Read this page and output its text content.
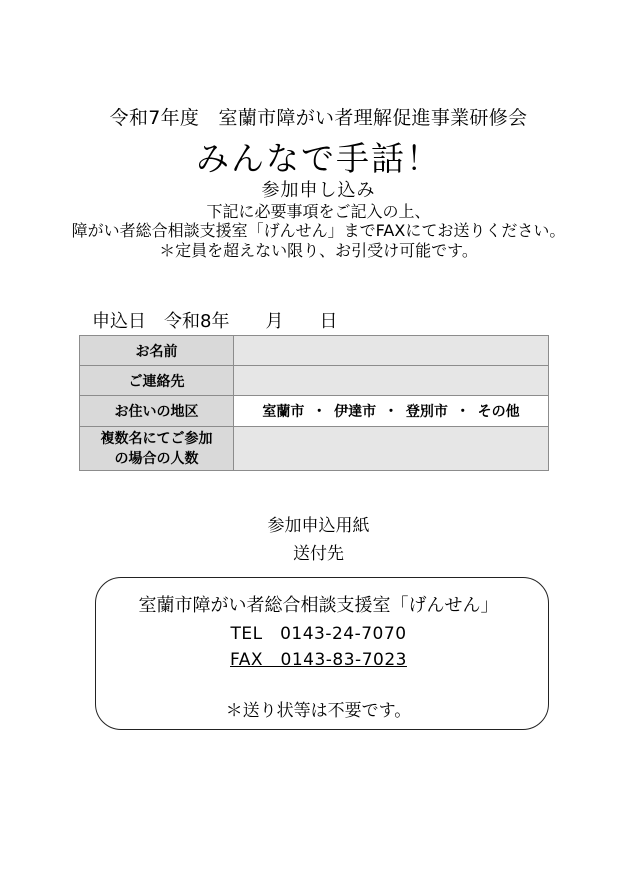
令和7年度　室蘭市障がい者理解促進事業研修会
みんなで手話！
参加申し込み
下記に必要事項をご記入の上、
障がい者総合相談支援室「げんせん」までFAXにてお送りください。
＊定員を超えない限り、お引受け可能です。
申込日　令和8年　　月　　日
お名前	
ご連絡先	
お住いの地区	室蘭市 ・ 伊達市 ・ 登別市 ・ その他

複数名にてご参加
の場合の人数	

参加申込用紙
送付先
室蘭市障がい者総合相談支援室「げんせん」
TEL　0143-24-7070
FAX　0143-83-7023
＊送り状等は不要です。
